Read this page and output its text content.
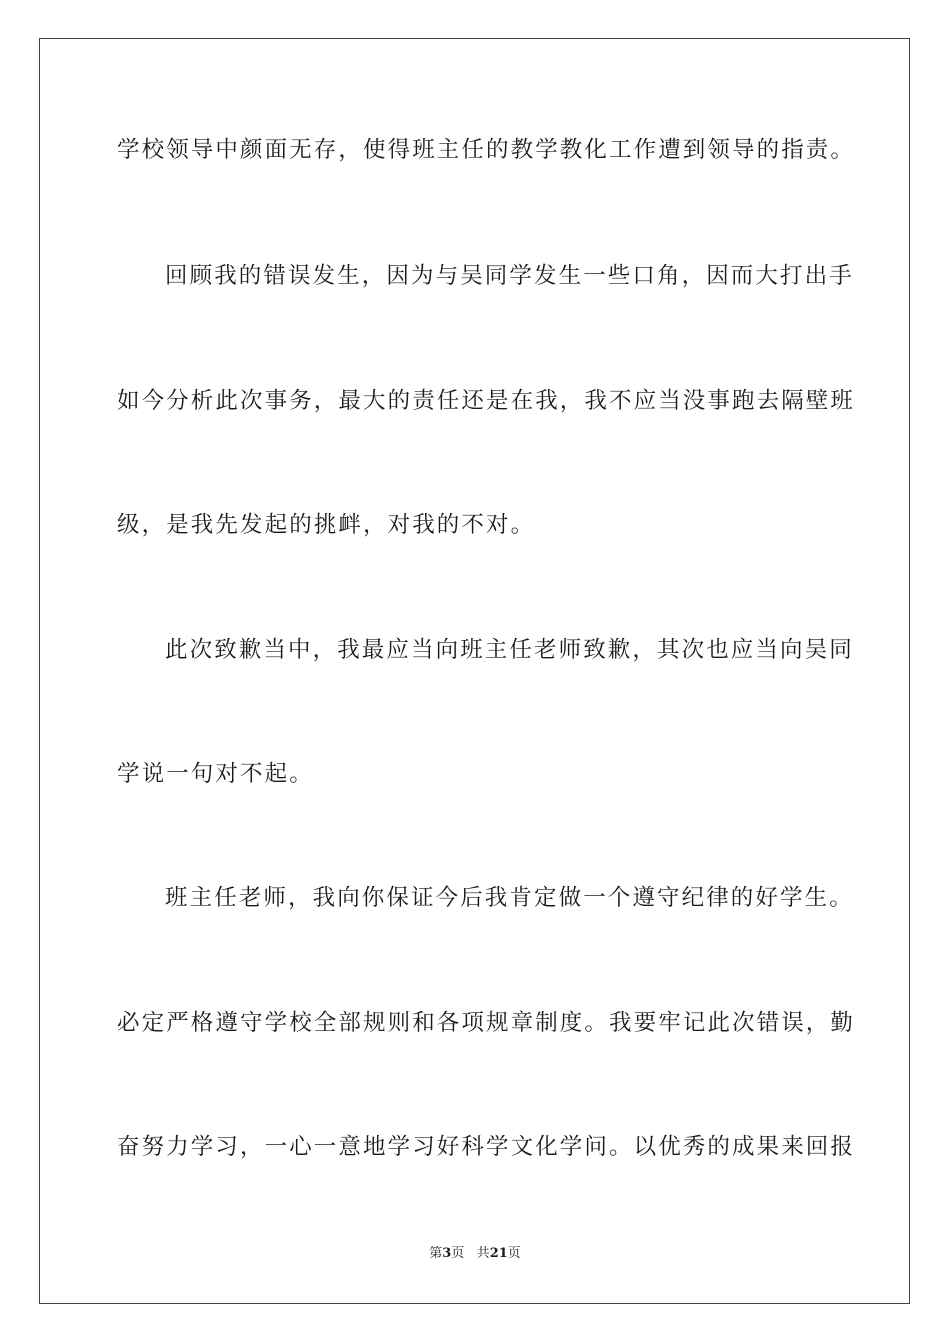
学校领导中颜面无存，使得班主任的教学教化工作遭到领导的指责。

回顾我的错误发生，因为与吴同学发生一些口角，因而大打出手

如今分析此次事务，最大的责任还是在我，我不应当没事跑去隔壁班

级，是我先发起的挑衅，对我的不对。

此次致歉当中，我最应当向班主任老师致歉，其次也应当向吴同

学说一句对不起。

班主任老师，我向你保证今后我肯定做一个遵守纪律的好学生。

必定严格遵守学校全部规则和各项规章制度。我要牢记此次错误，勤

奋努力学习，一心一意地学习好科学文化学问。以优秀的成果来回报

第3页 共21页
